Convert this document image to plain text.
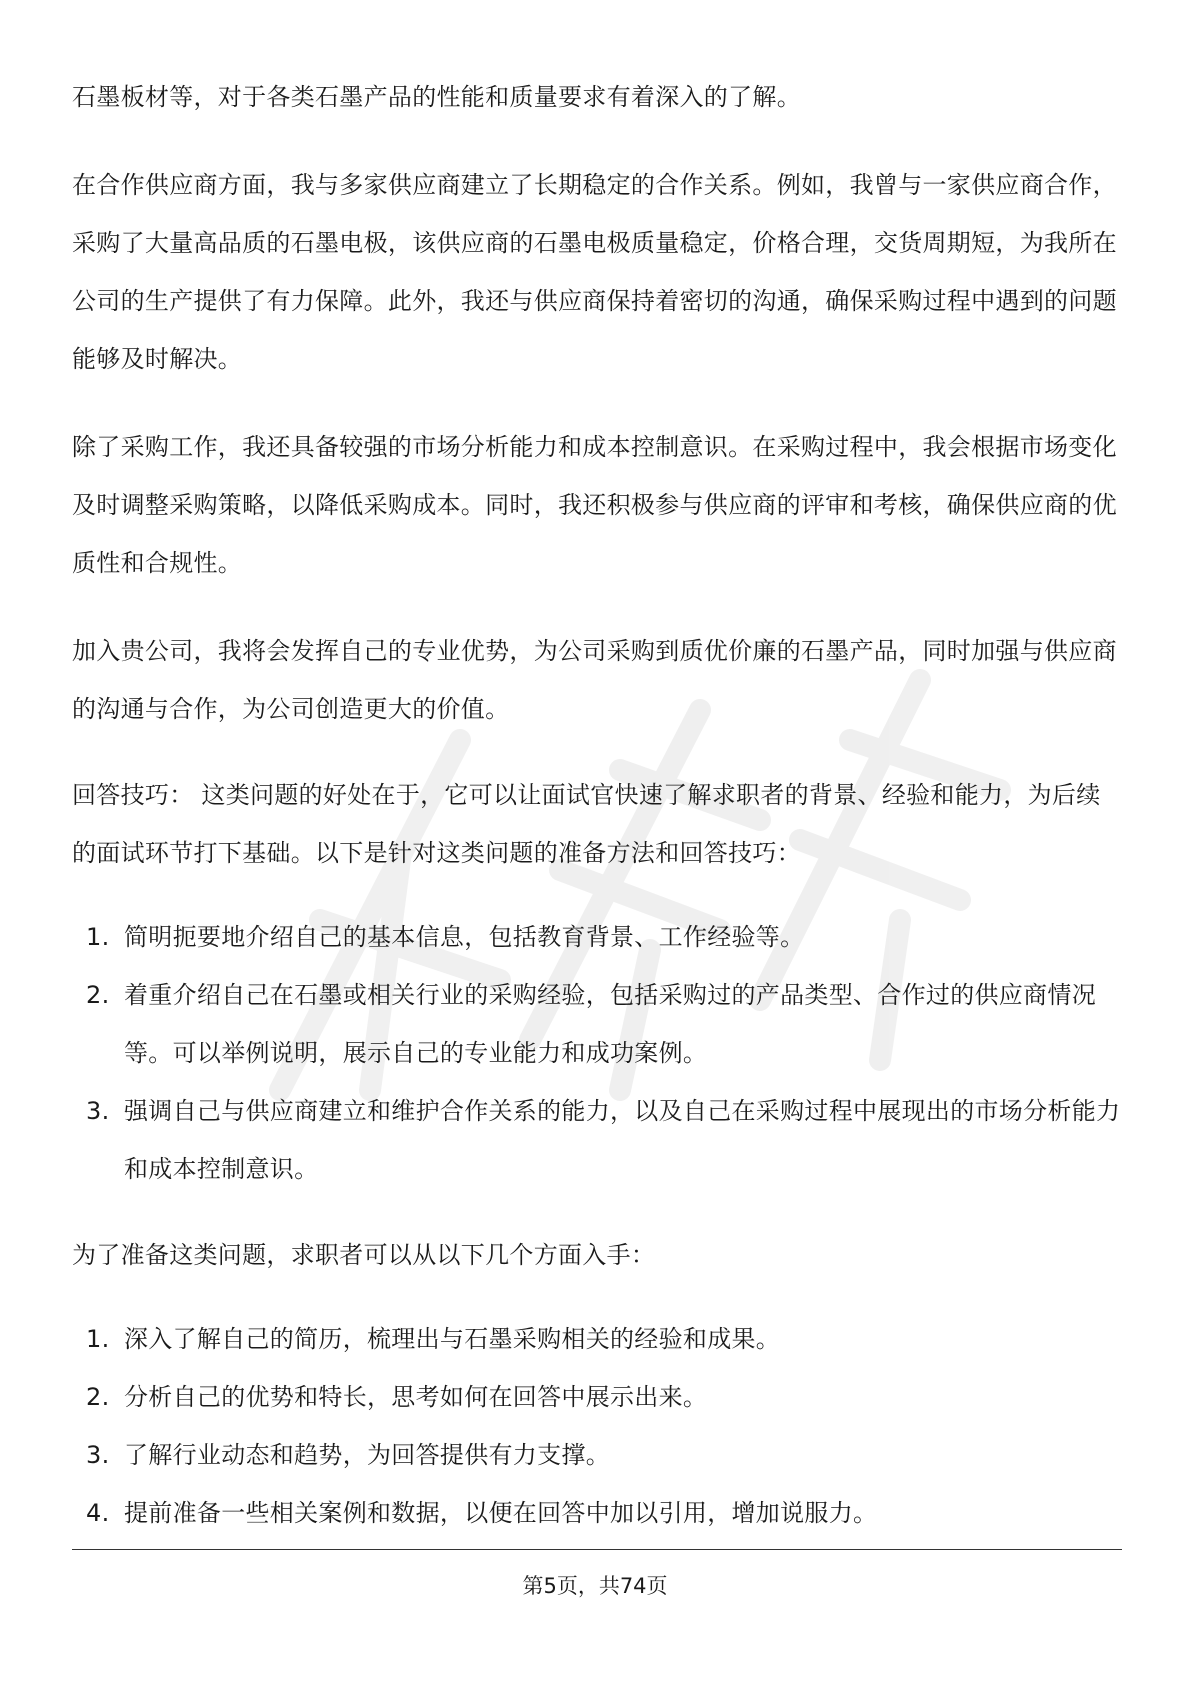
石墨板材等，对于各类石墨产品的性能和质量要求有着深入的了解。

在合作供应商方面，我与多家供应商建立了长期稳定的合作关系。例如，我曾与一家供应商合作，采购了大量高品质的石墨电极，该供应商的石墨电极质量稳定，价格合理，交货周期短，为我所在公司的生产提供了有力保障。此外，我还与供应商保持着密切的沟通，确保采购过程中遇到的问题能够及时解决。

除了采购工作，我还具备较强的市场分析能力和成本控制意识。在采购过程中，我会根据市场变化及时调整采购策略，以降低采购成本。同时，我还积极参与供应商的评审和考核，确保供应商的优质性和合规性。

加入贵公司，我将会发挥自己的专业优势，为公司采购到质优价廉的石墨产品，同时加强与供应商的沟通与合作，为公司创造更大的价值。

回答技巧： 这类问题的好处在于，它可以让面试官快速了解求职者的背景、经验和能力，为后续的面试环节打下基础。以下是针对这类问题的准备方法和回答技巧：

1. 简明扼要地介绍自己的基本信息，包括教育背景、工作经验等。
2. 着重介绍自己在石墨或相关行业的采购经验，包括采购过的产品类型、合作过的供应商情况等。可以举例说明，展示自己的专业能力和成功案例。
3. 强调自己与供应商建立和维护合作关系的能力，以及自己在采购过程中展现出的市场分析能力和成本控制意识。

为了准备这类问题，求职者可以从以下几个方面入手：

1. 深入了解自己的简历，梳理出与石墨采购相关的经验和成果。
2. 分析自己的优势和特长，思考如何在回答中展示出来。
3. 了解行业动态和趋势，为回答提供有力支撑。
4. 提前准备一些相关案例和数据，以便在回答中加以引用，增加说服力。
第5页，共74页
